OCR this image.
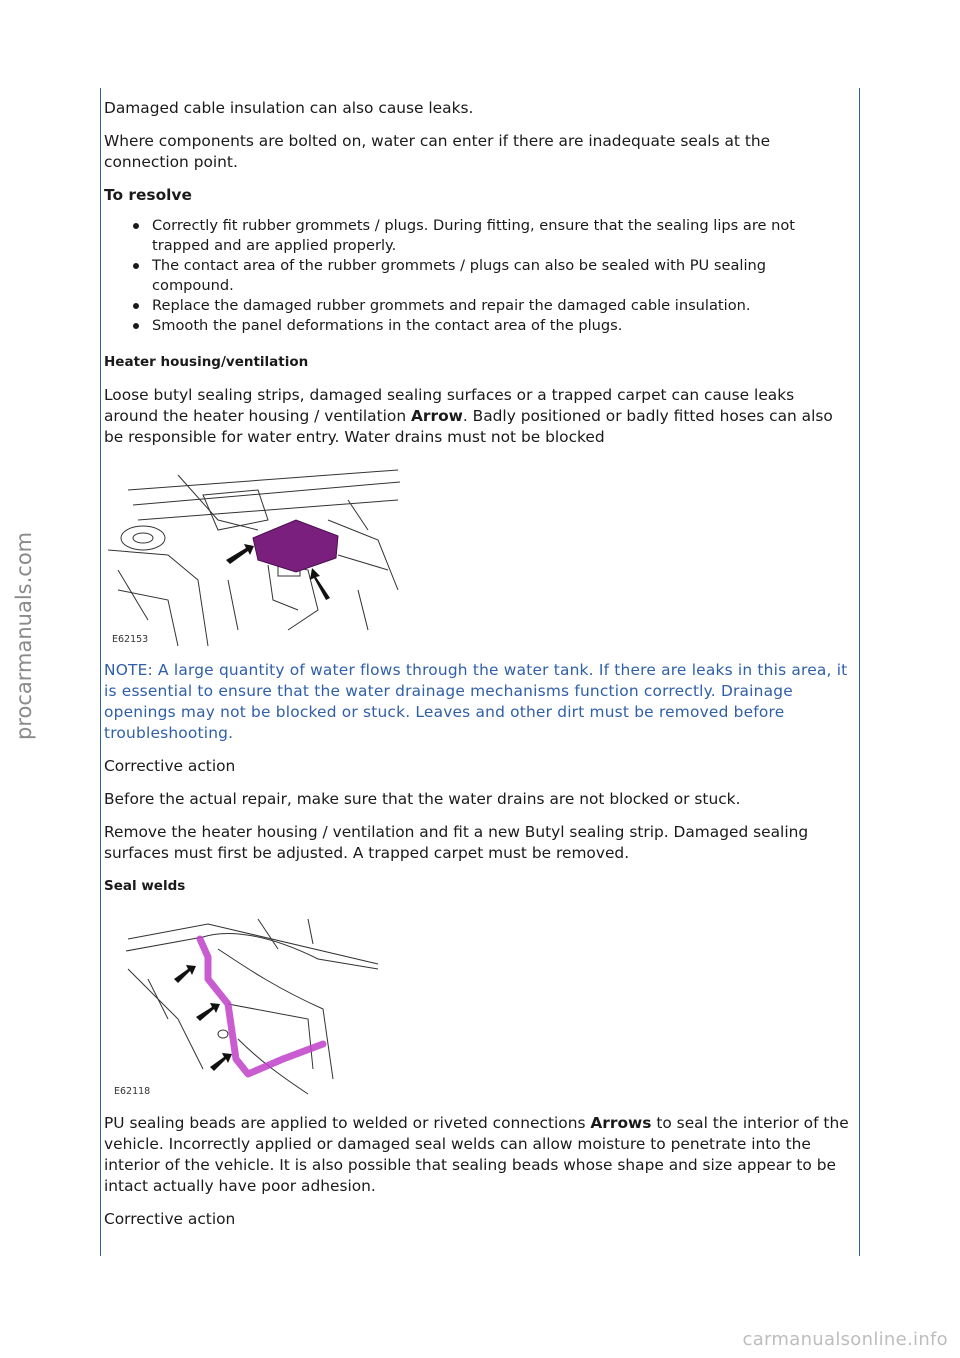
procarmanuals.com

Damaged cable insulation can also cause leaks.

Where components are bolted on, water can enter if there are inadequate seals at the connection point.

To resolve
Correctly fit rubber grommets / plugs. During fitting, ensure that the sealing lips are not trapped and are applied properly.
The contact area of the rubber grommets / plugs can also be sealed with PU sealing compound.
Replace the damaged rubber grommets and repair the damaged cable insulation.
Smooth the panel deformations in the contact area of the plugs.
Heater housing/ventilation

Loose butyl sealing strips, damaged sealing surfaces or a trapped carpet can cause leaks around the heater housing / ventilation Arrow. Badly positioned or badly fitted hoses can also be responsible for water entry. Water drains must not be blocked

E62153

NOTE: A large quantity of water flows through the water tank. If there are leaks in this area, it is essential to ensure that the water drainage mechanisms function correctly. Drainage openings may not be blocked or stuck. Leaves and other dirt must be removed before troubleshooting.

Corrective action

Before the actual repair, make sure that the water drains are not blocked or stuck.

Remove the heater housing / ventilation and fit a new Butyl sealing strip. Damaged sealing surfaces must first be adjusted. A trapped carpet must be removed.

Seal welds
E62118

PU sealing beads are applied to welded or riveted connections Arrows to seal the interior of the vehicle. Incorrectly applied or damaged seal welds can allow moisture to penetrate into the interior of the vehicle. It is also possible that sealing beads whose shape and size appear to be intact actually have poor adhesion.

Corrective action

carmanualsonline.info
